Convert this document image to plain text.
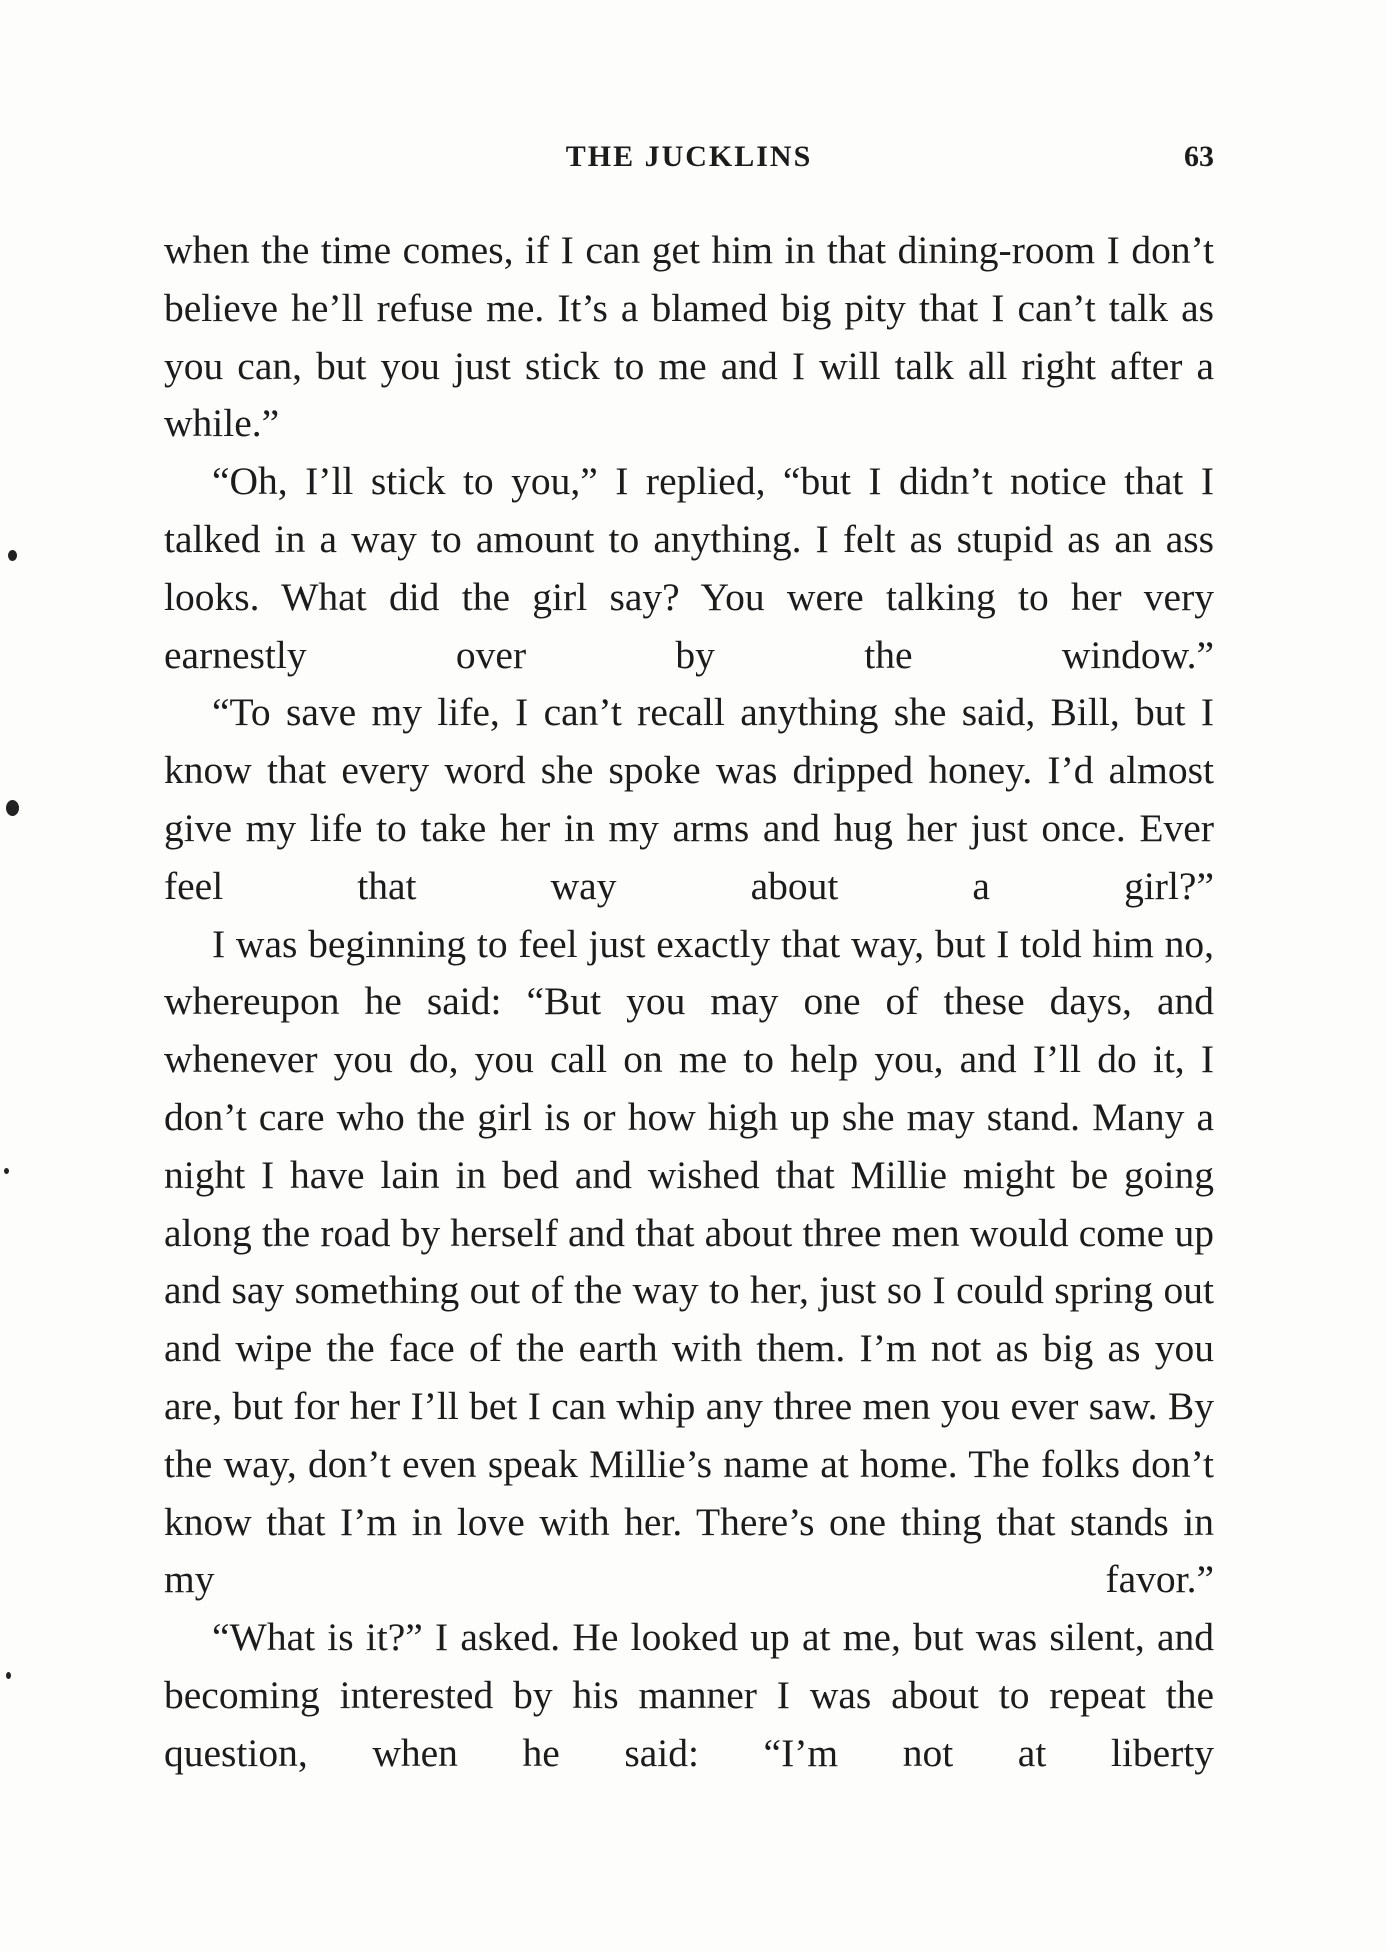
THE JUCKLINS	63

when the time comes, if I can get him in that dining-room I don’t believe he’ll refuse me. It’s a blamed big pity that I can’t talk as you can, but you just stick to me and I will talk all right after a while.”

“Oh, I’ll stick to you,” I replied, “but I didn’t notice that I talked in a way to amount to anything. I felt as stupid as an ass looks. What did the girl say? You were talking to her very earnestly over by the window.”

“To save my life, I can’t recall anything she said, Bill, but I know that every word she spoke was dripped honey. I’d almost give my life to take her in my arms and hug her just once. Ever feel that way about a girl?”

I was beginning to feel just exactly that way, but I told him no, whereupon he said: “But you may one of these days, and whenever you do, you call on me to help you, and I’ll do it, I don’t care who the girl is or how high up she may stand. Many a night I have lain in bed and wished that Millie might be going along the road by herself and that about three men would come up and say something out of the way to her, just so I could spring out and wipe the face of the earth with them. I’m not as big as you are, but for her I’ll bet I can whip any three men you ever saw. By the way, don’t even speak Millie’s name at home. The folks don’t know that I’m in love with her. There’s one thing that stands in my favor.”

“What is it?” I asked. He looked up at me, but was silent, and becoming interested by his manner I was about to repeat the question, when he said: “I’m not at liberty
